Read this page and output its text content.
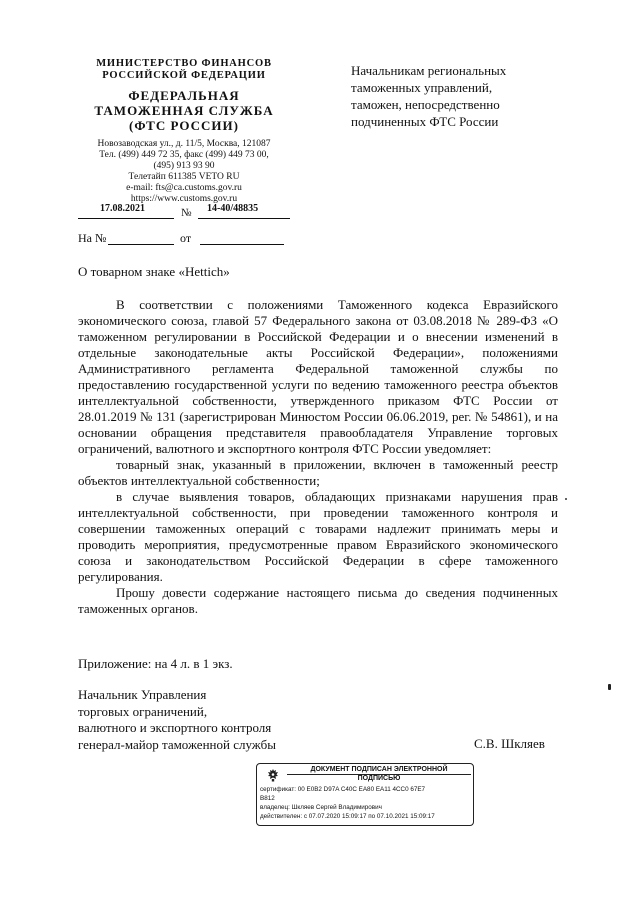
МИНИСТЕРСТВО ФИНАНСОВ
РОССИЙСКОЙ ФЕДЕРАЦИИ
ФЕДЕРАЛЬНАЯ
ТАМОЖЕННАЯ СЛУЖБА
(ФТС РОССИИ)
Новозаводская ул., д. 11/5, Москва, 121087
Тел. (499) 449 72 35, факс (499) 449 73 00,
(495) 913 93 90
Телетайп 611385 VETO RU
e-mail: fts@ca.customs.gov.ru
https://www.customs.gov.ru
17.08.2021	№ 14-40/48835
На №	от
Начальникам региональных
таможенных управлений,
таможен, непосредственно
подчиненных ФТС России
О товарном знаке «Hettich»

В соответствии с положениями Таможенного кодекса Евразийского экономического союза, главой 57 Федерального закона от 03.08.2018 № 289-ФЗ «О таможенном регулировании в Российской Федерации и о внесении изменений в отдельные законодательные акты Российской Федерации», положениями Административного регламента Федеральной таможенной службы по предоставлению государственной услуги по ведению таможенного реестра объектов интеллектуальной собственности, утвержденного приказом ФТС России от 28.01.2019 № 131 (зарегистрирован Минюстом России 06.06.2019, рег. № 54861), и на основании обращения представителя правообладателя Управление торговых ограничений, валютного и экспортного контроля ФТС России уведомляет:

товарный знак, указанный в приложении, включен в таможенный реестр объектов интеллектуальной собственности;

в случае выявления товаров, обладающих признаками нарушения прав интеллектуальной собственности, при проведении таможенного контроля и совершении таможенных операций с товарами надлежит принимать меры и проводить мероприятия, предусмотренные правом Евразийского экономического союза и законодательством Российской Федерации в сфере таможенного регулирования.

Прошу довести содержание настоящего письма до сведения подчиненных таможенных органов.

Приложение: на 4 л. в 1 экз.
Начальник Управления
торговых ограничений,
валютного и экспортного контроля
генерал-майор таможенной службы	С.В. Шкляев
ДОКУМЕНТ ПОДПИСАН ЭЛЕКТРОННОЙ
ПОДПИСЬЮ
сертификат: 00 E0B2 D97A C40C EA80 EA11 4CC0 67E7
B812
владелец: Шкляев Сергей Владимирович
действителен: с 07.07.2020 15:09:17 по 07.10.2021 15:09:17
